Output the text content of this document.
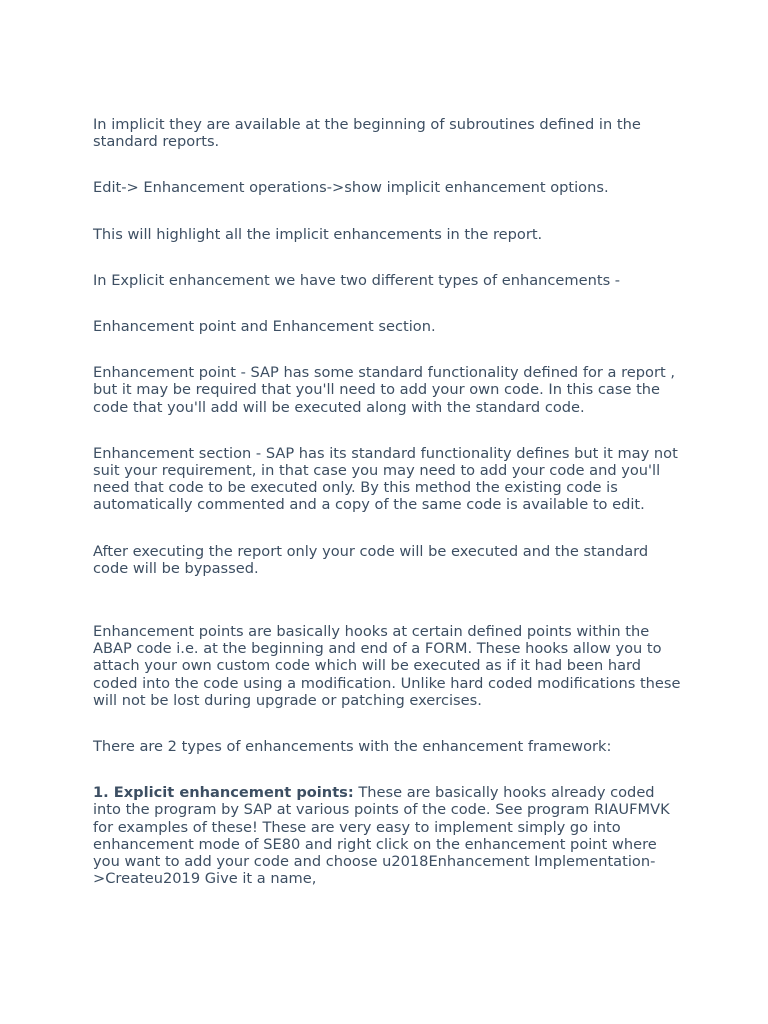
In implicit they are available at the beginning of subroutines defined in the standard reports.

Edit-> Enhancement operations->show implicit enhancement options.

This will highlight all the implicit enhancements in the report.

In Explicit enhancement we have two different types of enhancements -

Enhancement point and Enhancement section.

Enhancement point - SAP has some standard functionality defined for a report , but it may be required that you'll need to add your own code. In this case the code that you'll add will be executed along with the standard code.

Enhancement section - SAP has its standard functionality defines but it may not suit your requirement, in that case you may need to add your code and you'll need that code to be executed only. By this method the existing code is automatically commented and a copy of the same code is available to edit.

After executing the report only your code will be executed and the standard code will be bypassed.

Enhancement points are basically hooks at certain defined points within the ABAP code i.e. at the beginning and end of a FORM. These hooks allow you to attach your own custom code which will be executed as if it had been hard coded into the code using a modification. Unlike hard coded modifications these will not be lost during upgrade or patching exercises.

There are 2 types of enhancements with the enhancement framework:

1. Explicit enhancement points: These are basically hooks already coded into the program by SAP at various points of the code. See program RIAUFMVK for examples of these! These are very easy to implement simply go into enhancement mode of SE80 and right click on the enhancement point where you want to add your code and choose u2018Enhancement Implementation->Createu2019 Give it a name,
